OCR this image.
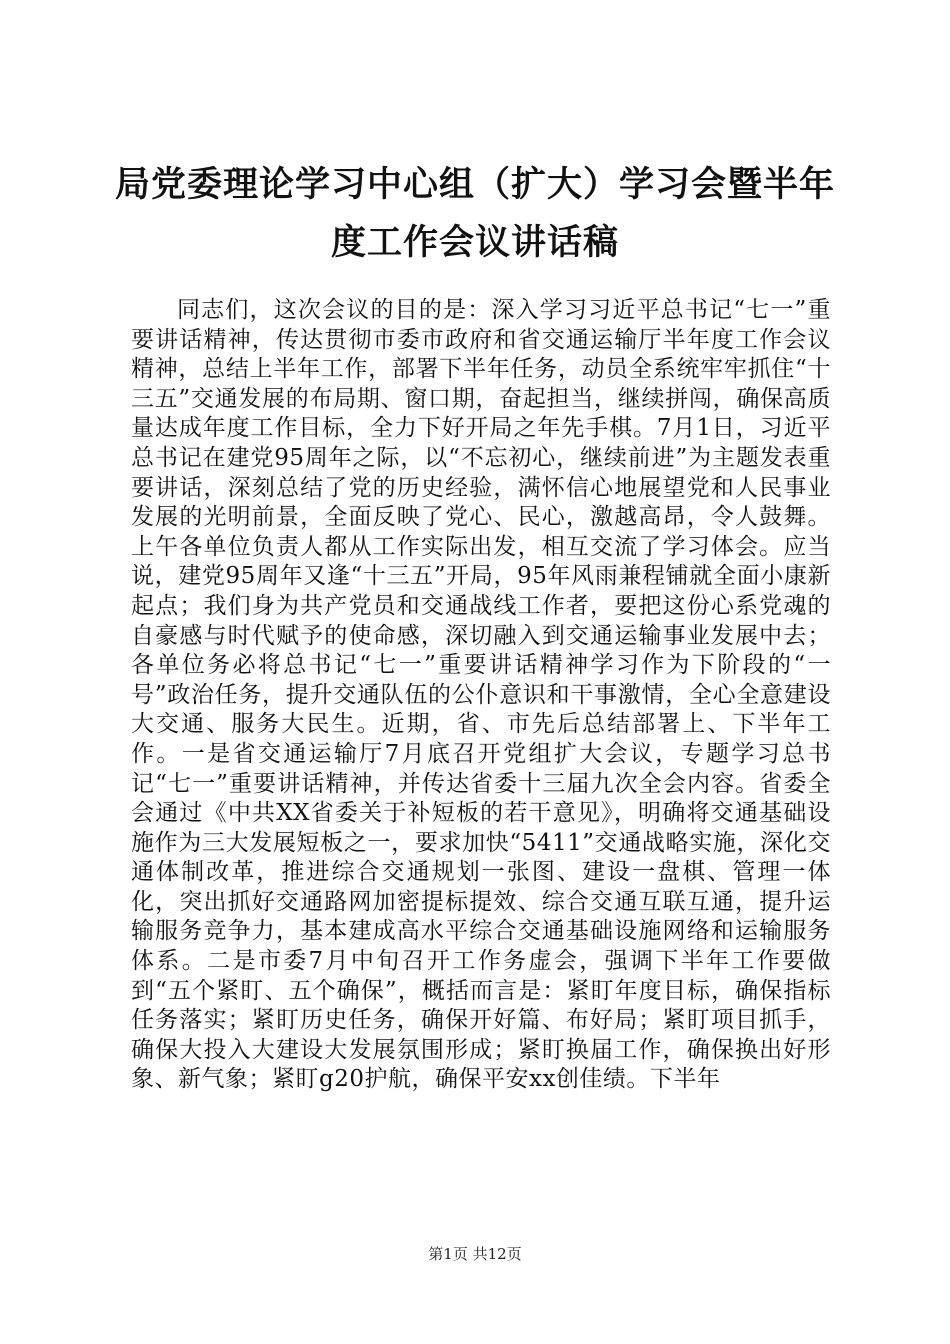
局党委理论学习中心组（扩大）学习会暨半年
度工作会议讲话稿

同志们，这次会议的目的是：深入学习习近平总书记“七一”重要讲话精神，传达贯彻市委市政府和省交通运输厅半年度工作会议精神，总结上半年工作，部署下半年任务，动员全系统牢牢抓住“十三五”交通发展的布局期、窗口期，奋起担当，继续拼闯，确保高质量达成年度工作目标，全力下好开局之年先手棋。7月1日，习近平总书记在建党95周年之际，以“不忘初心，继续前进”为主题发表重要讲话，深刻总结了党的历史经验，满怀信心地展望党和人民事业发展的光明前景，全面反映了党心、民心，激越高昂，令人鼓舞。上午各单位负责人都从工作实际出发，相互交流了学习体会。应当说，建党95周年又逢“十三五”开局，95年风雨兼程铺就全面小康新起点；我们身为共产党员和交通战线工作者，要把这份心系党魂的自豪感与时代赋予的使命感，深切融入到交通运输事业发展中去；各单位务必将总书记“七一”重要讲话精神学习作为下阶段的“一号”政治任务，提升交通队伍的公仆意识和干事激情，全心全意建设大交通、服务大民生。近期，省、市先后总结部署上、下半年工作。一是省交通运输厅7月底召开党组扩大会议，专题学习总书记“七一”重要讲话精神，并传达省委十三届九次全会内容。省委全会通过《中共XX省委关于补短板的若干意见》，明确将交通基础设施作为三大发展短板之一，要求加快“5411”交通战略实施，深化交通体制改革，推进综合交通规划一张图、建设一盘棋、管理一体化，突出抓好交通路网加密提标提效、综合交通互联互通，提升运输服务竞争力，基本建成高水平综合交通基础设施网络和运输服务体系。二是市委7月中旬召开工作务虚会，强调下半年工作要做到“五个紧盯、五个确保”，概括而言是：紧盯年度目标，确保指标任务落实；紧盯历史任务，确保开好篇、布好局；紧盯项目抓手，确保大投入大建设大发展氛围形成；紧盯换届工作，确保换出好形象、新气象；紧盯g20护航，确保平安xx创佳绩。下半年

第1页 共12页
